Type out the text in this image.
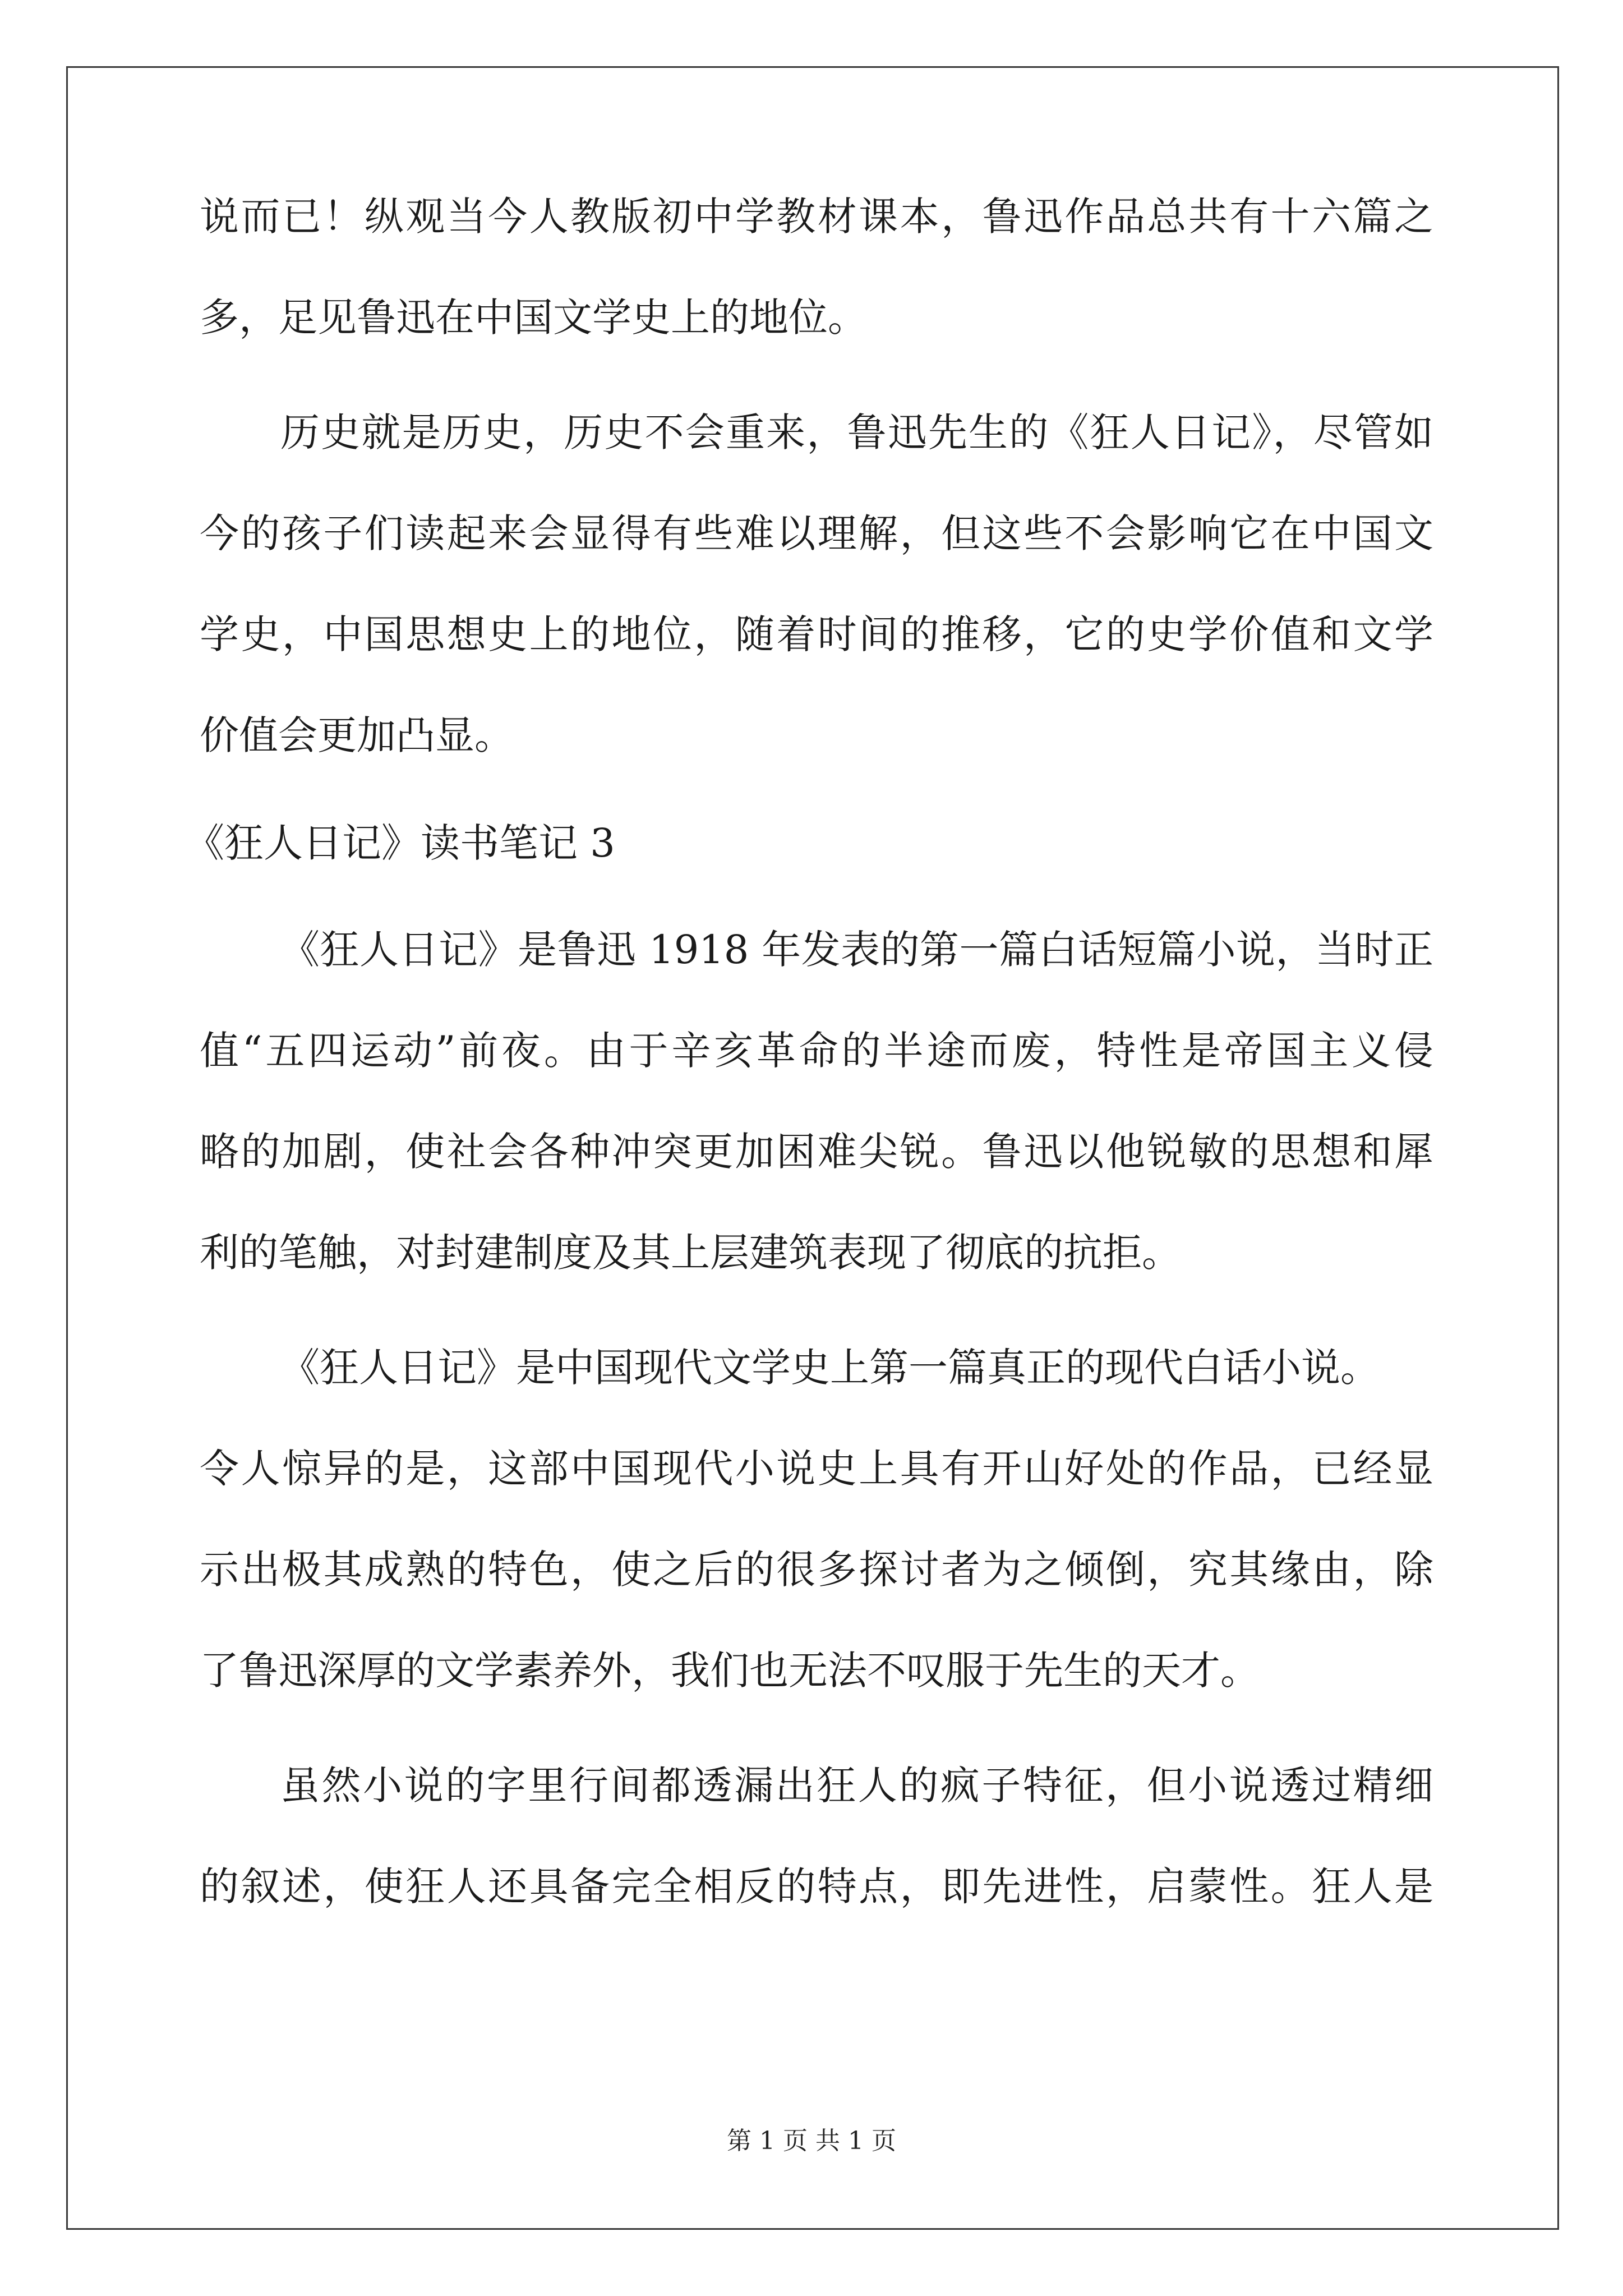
说而已！纵观当今人教版初中学教材课本，鲁迅作品总共有十六篇之

多，足见鲁迅在中国文学史上的地位。

历史就是历史，历史不会重来，鲁迅先生的《狂人日记》，尽管如

今的孩子们读起来会显得有些难以理解，但这些不会影响它在中国文

学史，中国思想史上的地位，随着时间的推移，它的史学价值和文学

价值会更加凸显。

《狂人日记》读书笔记 3

《狂人日记》是鲁迅 1918 年发表的第一篇白话短篇小说，当时正

值“五四运动”前夜。由于辛亥革命的半途而废，特性是帝国主义侵

略的加剧，使社会各种冲突更加困难尖锐。鲁迅以他锐敏的思想和犀

利的笔触，对封建制度及其上层建筑表现了彻底的抗拒。

《狂人日记》是中国现代文学史上第一篇真正的现代白话小说。

令人惊异的是，这部中国现代小说史上具有开山好处的作品，已经显

示出极其成熟的特色，使之后的很多探讨者为之倾倒，究其缘由，除

了鲁迅深厚的文学素养外，我们也无法不叹服于先生的天才。

虽然小说的字里行间都透漏出狂人的疯子特征，但小说透过精细

的叙述，使狂人还具备完全相反的特点，即先进性，启蒙性。狂人是

第 1 页 共 1 页
